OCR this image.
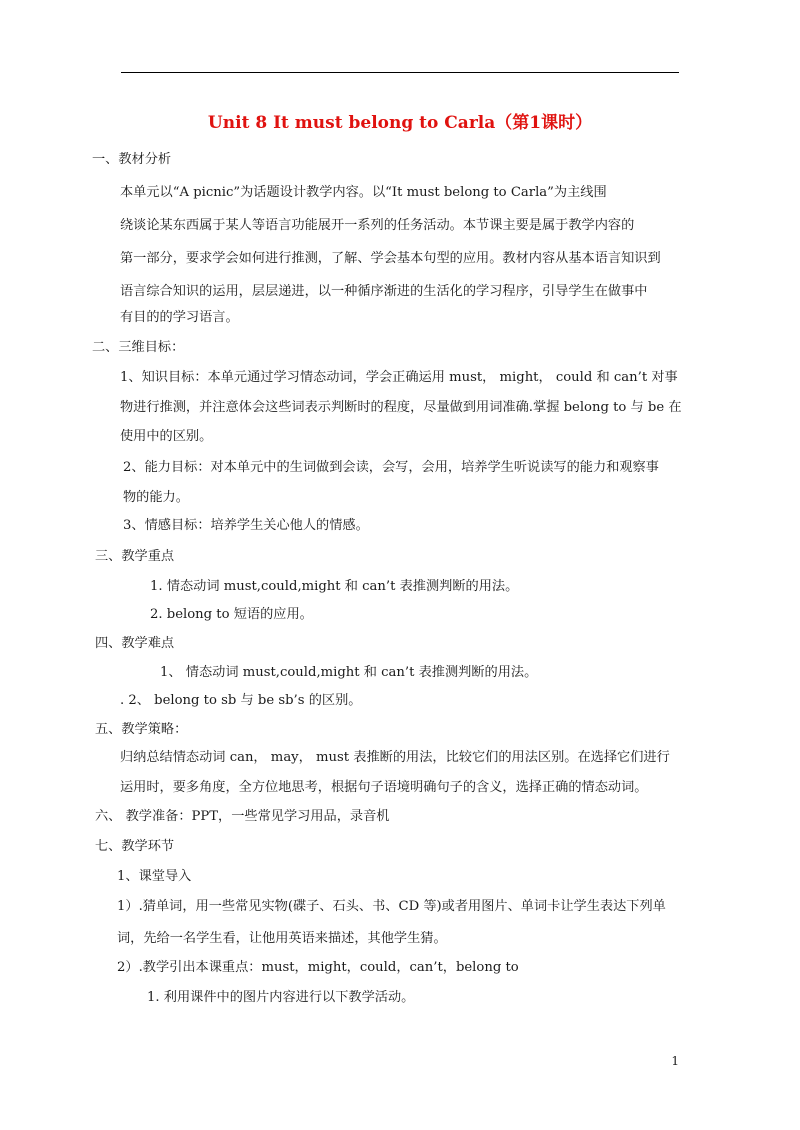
Unit 8 It must belong to Carla（第1课时）
一、教材分析
本单元以“A picnic”为话题设计教学内容。以“It must belong to Carla”为主线围
绕谈论某东西属于某人等语言功能展开一系列的任务活动。本节课主要是属于教学内容的
第一部分，要求学会如何进行推测，了解、学会基本句型的应用。教材内容从基本语言知识到
语言综合知识的运用，层层递进，以一种循序渐进的生活化的学习程序，引导学生在做事中
有目的的学习语言。
二、三维目标：
1、知识目标：本单元通过学习情态动词，学会正确运用 must， might， could 和 can’t 对事
物进行推测，并注意体会这些词表示判断时的程度，尽量做到用词准确.掌握 belong to 与 be 在
使用中的区别。
2、能力目标：对本单元中的生词做到会读，会写，会用，培养学生听说读写的能力和观察事
物的能力。
3、情感目标：培养学生关心他人的情感。
三、教学重点
1. 情态动词 must,could,might 和 can’t 表推测判断的用法。
2. belong to 短语的应用。
四、教学难点
1、 情态动词 must,could,might 和 can’t 表推测判断的用法。
. 2、 belong to sb 与 be sb’s 的区别。
五、教学策略：
归纳总结情态动词 can， may， must 表推断的用法，比较它们的用法区别。在选择它们进行
运用时，要多角度，全方位地思考，根据句子语境明确句子的含义，选择正确的情态动词。
六、 教学准备：PPT，一些常见学习用品，录音机
七、教学环节
1、课堂导入
1）.猜单词，用一些常见实物(碟子、石头、书、CD 等)或者用图片、单词卡让学生表达下列单
词，先给一名学生看，让他用英语来描述，其他学生猜。
2）.教学引出本课重点：must，might，could，can’t，belong to
1. 利用课件中的图片内容进行以下教学活动。
1
